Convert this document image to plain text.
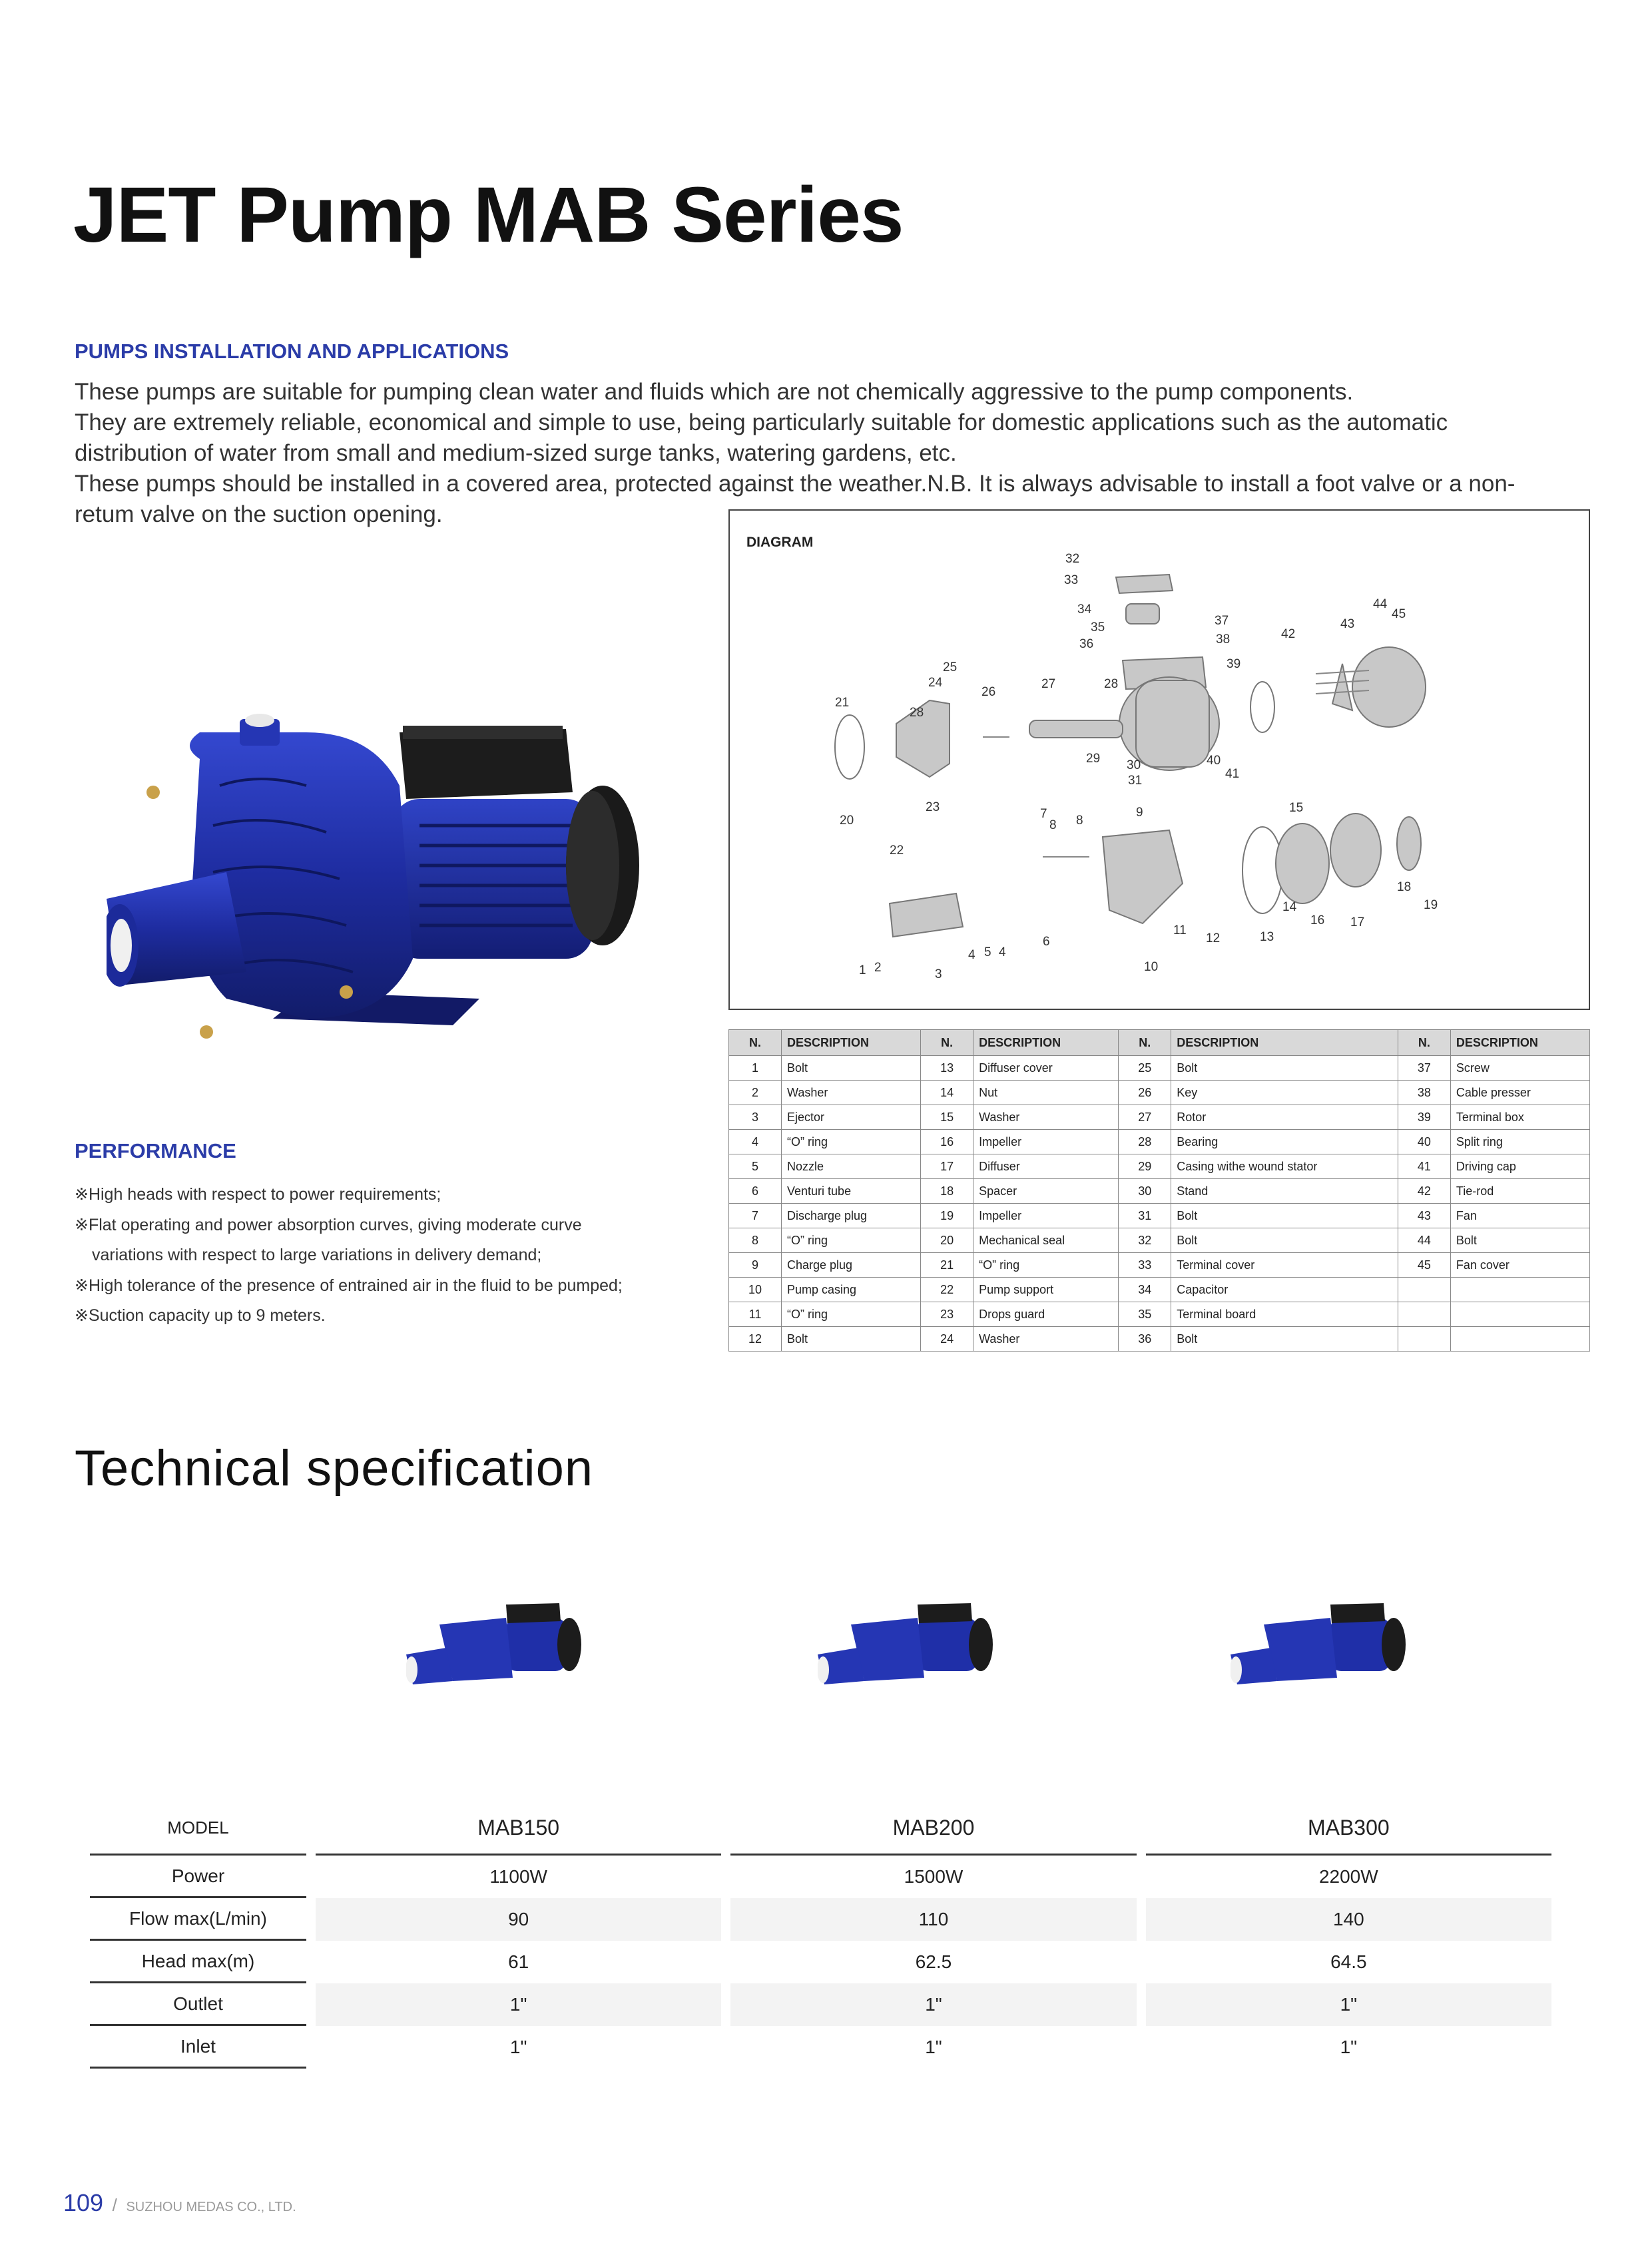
JET Pump MAB Series
PUMPS INSTALLATION AND APPLICATIONS

These pumps are suitable for pumping clean water and fluids which are not chemically aggressive to the pump components.

They are extremely reliable, economical and simple to use, being particularly suitable for domestic applications such as the automatic distribution of water from small and medium-sized surge tanks, watering gardens, etc.

These pumps should be installed in a covered area, protected against the weather.N.B. It is always advisable to install a foot valve or a non-retum valve on the suction opening.

PERFORMANCE
※High heads with respect to power requirements;
※Flat operating and power absorption curves, giving moderate curve
variations with respect to large variations in delivery demand;
※High tolerance of the presence of entrained air in the fluid to be pumped;
※Suction capacity up to 9 meters.
DIAGRAM
32
33
34
35
36
37
38
39
42
43
44
45
25
24
26
27	28
21
28
29 30
31
40
41
23
20
22
7
8 8
9	15
18
19
14
16 17
11
12	13
6
10
1 2	3
4 5 4
N.	DESCRIPTION	N.	DESCRIPTION	N.	DESCRIPTION	N.	DESCRIPTION
1	Bolt	13	Diffuser cover	25	Bolt	37	Screw
2	Washer	14	Nut	26	Key	38	Cable presser
3	Ejector	15	Washer	27	Rotor	39	Terminal box
4	“O” ring	16	Impeller	28	Bearing	40	Split ring
5	Nozzle	17	Diffuser	29	Casing withe wound stator	41	Driving cap
6	Venturi tube	18	Spacer	30	Stand	42	Tie-rod
7	Discharge plug	19	Impeller	31	Bolt	43	Fan
8	“O” ring	20	Mechanical seal	32	Bolt	44	Bolt
9	Charge plug	21	“O” ring	33	Terminal cover	45	Fan cover
10	Pump casing	22	Pump support	34	Capacitor		
11	“O” ring	23	Drops guard	35	Terminal board		
12	Bolt	24	Washer	36	Bolt		
Technical specification
MODEL		MAB150		MAB200		MAB300
Power		1100W		1500W		2200W
Flow max(L/min)		90		110		140
Head max(m)		61		62.5		64.5
Outlet		1"		1"		1"
Inlet		1"		1"		1"
109 / SUZHOU MEDAS CO., LTD.
